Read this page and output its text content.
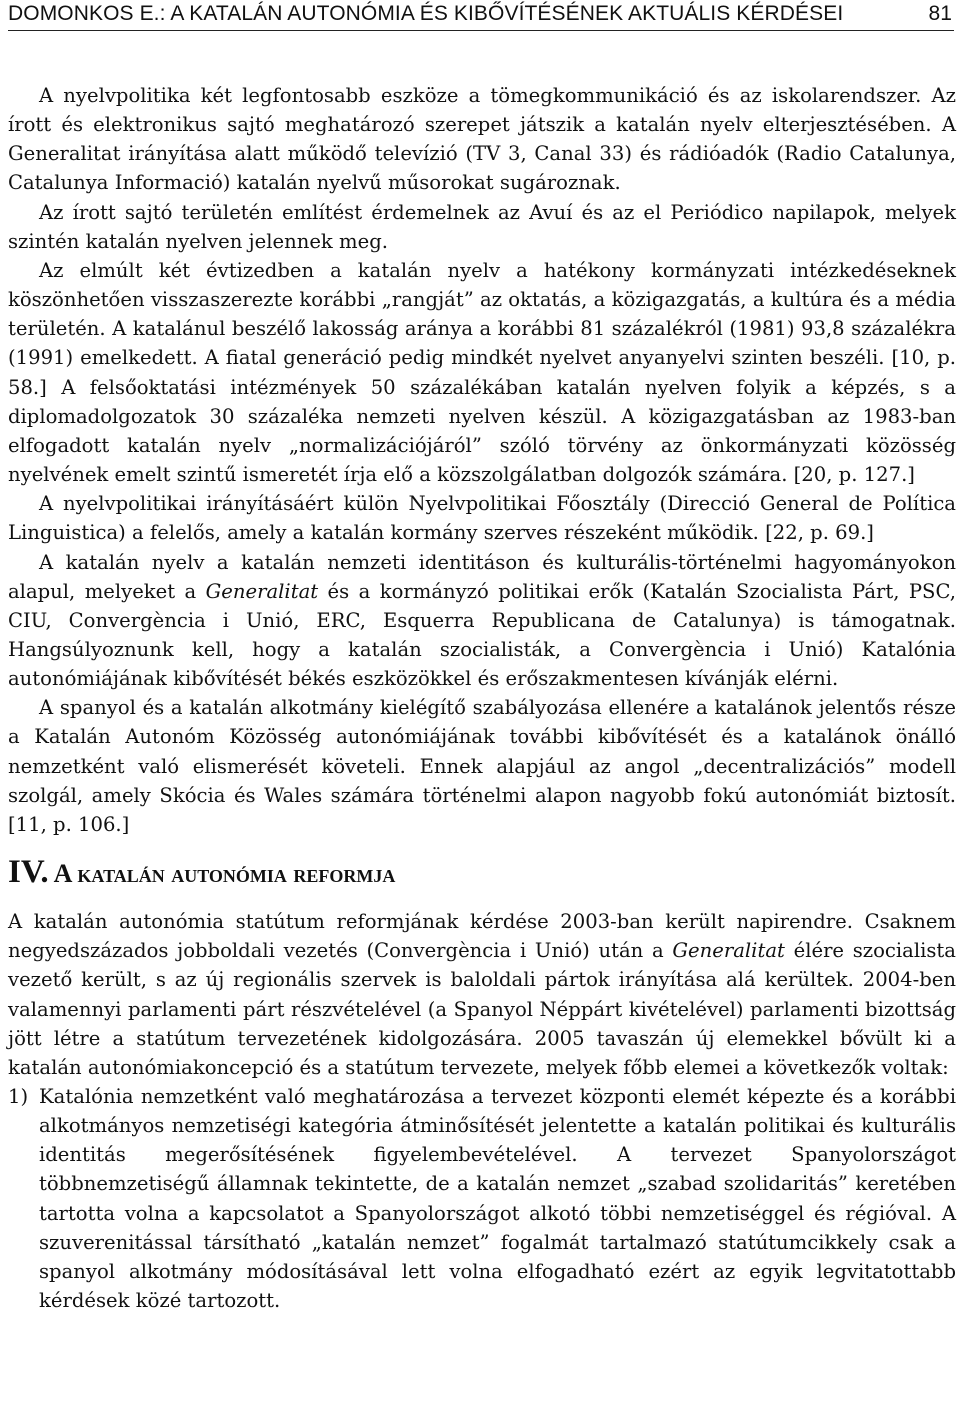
DOMONKOS E.: A KATALÁN AUTONÓMIA ÉS KIBŐVÍTÉSÉNEK AKTUÁLIS KÉRDÉSEI	81

A nyelvpolitika két legfontosabb eszköze a tömegkommunikáció és az iskolarendszer. Az írott és elektronikus sajtó meghatározó szerepet játszik a katalán nyelv elterjesztésében. A Generalitat irányítása alatt működő televízió (TV 3, Canal 33) és rádióadók (Radio Catalunya, Catalunya Informació) katalán nyelvű műsorokat sugároznak.

Az írott sajtó területén említést érdemelnek az Avuí és az el Periódico napilapok, melyek szintén katalán nyelven jelennek meg.

Az elmúlt két évtizedben a katalán nyelv a hatékony kormányzati intézkedéseknek köszönhetően visszaszerezte korábbi „rangját” az oktatás, a közigazgatás, a kultúra és a média területén. A katalánul beszélő lakosság aránya a korábbi 81 százalékról (1981) 93,8 százalékra (1991) emelkedett. A fiatal generáció pedig mindkét nyelvet anyanyelvi szinten beszéli. [10, p. 58.] A felsőoktatási intézmények 50 százalékában katalán nyelven folyik a képzés, s a diplomadolgozatok 30 százaléka nemzeti nyelven készül. A közigazgatásban az 1983-ban elfogadott katalán nyelv „normalizációjáról” szóló törvény az önkormányzati közösség nyelvének emelt szintű ismeretét írja elő a közszolgálatban dolgozók számára. [20, p. 127.]

A nyelvpolitikai irányításáért külön Nyelvpolitikai Főosztály (Direcció General de Política Linguistica) a felelős, amely a katalán kormány szerves részeként működik. [22, p. 69.]

A katalán nyelv a katalán nemzeti identitáson és kulturális-történelmi hagyományokon alapul, melyeket a Generalitat és a kormányzó politikai erők (Katalán Szocialista Párt, PSC, CIU, Convergència i Unió, ERC, Esquerra Republicana de Catalunya) is támogatnak. Hangsúlyoznunk kell, hogy a katalán szocialisták, a Convergència i Unió) Katalónia autonómiájának kibővítését békés eszközökkel és erőszakmentesen kívánják elérni.

A spanyol és a katalán alkotmány kielégítő szabályozása ellenére a katalánok jelentős része a Katalán Autonóm Közösség autonómiájának további kibővítését és a katalánok önálló nemzetként való elismerését követeli. Ennek alapjául az angol „decentralizációs” modell szolgál, amely Skócia és Wales számára történelmi alapon nagyobb fokú autonómiát biztosít. [11, p. 106.]

IV. A katalán autonómia reformja

A katalán autonómia statútum reformjának kérdése 2003-ban került napirendre. Csaknem negyedszázados jobboldali vezetés (Convergència i Unió) után a Generalitat élére szocialista vezető került, s az új regionális szervek is baloldali pártok irányítása alá kerültek. 2004-ben valamennyi parlamenti párt részvételével (a Spanyol Néppárt kivételével) parlamenti bizottság jött létre a statútum tervezetének kidolgozására. 2005 tavaszán új elemekkel bővült ki a katalán autonómiakoncepció és a statútum tervezete, melyek főbb elemei a következők voltak:

1) Katalónia nemzetként való meghatározása a tervezet központi elemét képezte és a korábbi alkotmányos nemzetiségi kategória átminősítését jelentette a katalán politikai és kulturális identitás megerősítésének figyelembevételével. A tervezet Spanyolországot többnemzetiségű államnak tekintette, de a katalán nemzet „szabad szolidaritás” keretében tartotta volna a kapcsolatot a Spanyolországot alkotó többi nemzetiséggel és régióval. A szuverenitással társítható „katalán nemzet” fogalmát tartalmazó statútumcikkely csak a spanyol alkotmány módosításával lett volna elfogadható ezért az egyik legvitatottabb kérdések közé tartozott.
